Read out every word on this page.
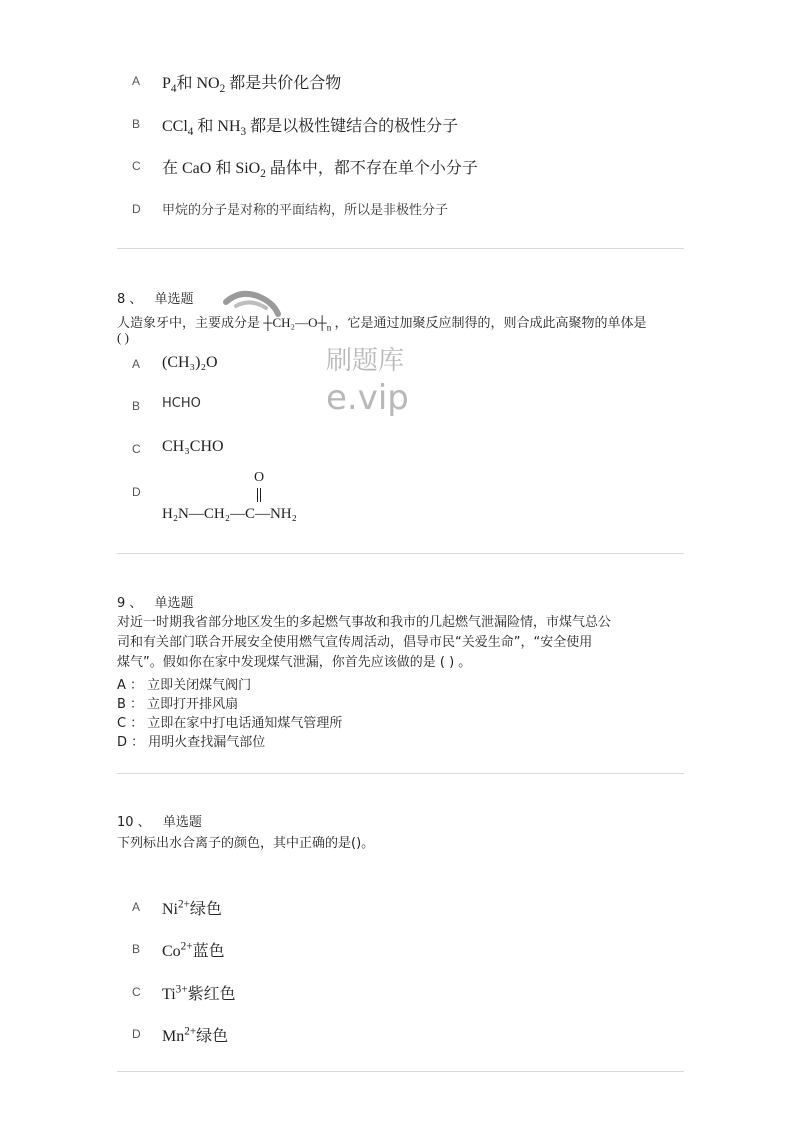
A $P_4$和 $NO_2$ 都是共价化合物
B CCl$_4$ 和 $NH_3$ 都是以极性键结合的极性分子
C 在 CaO 和 SiO$_2$ 晶体中，都不存在单个小分子
D 甲烷的分子是对称的平面结构，所以是非极性分子
8 、 单选题
刷题库
e.vip
人造象牙中，主要成分是 $┼CH_2—O┼_n$ ，它是通过加聚反应制得的，则合成此高聚物的单体是
( )
A (CH₃)₂O
B HCHO
C CH₃CHO
D
O
H₂N—CH₂—C—NH₂
9 、 单选题
对近一时期我省部分地区发生的多起燃气事故和我市的几起燃气泄漏险情，市煤气总公
司和有关部门联合开展安全使用燃气宣传周活动，倡导市民“关爱生命”，“安全使用
煤气”。假如你在家中发现煤气泄漏，你首先应该做的是 ( ) 。
A ： 立即关闭煤气阀门
B ： 立即打开排风扇
C ： 立即在家中打电话通知煤气管理所
D ： 用明火查找漏气部位
10 、 单选题
下列标出水合离子的颜色，其中正确的是()。
A $Ni^{2+}$绿色
B $Co^{2+}$蓝色
C $Ti^{3+}$紫红色
D $Mn^{2+}$绿色
